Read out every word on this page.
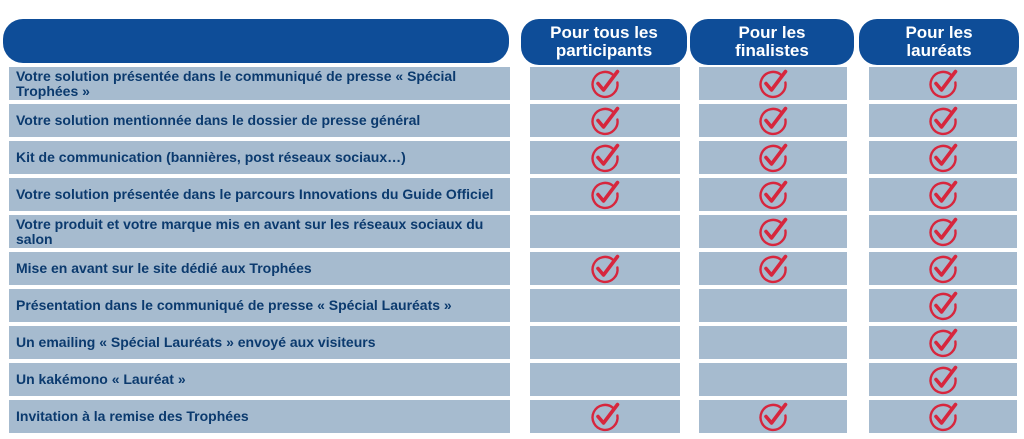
Pour tous les
participants
Pour les
finalistes
Pour les
lauréats
Votre solution présentée dans le communiqué de presse « Spécial Trophées »
Votre solution mentionnée dans le dossier de presse général
Kit de communication (bannières, post réseaux sociaux…)
Votre solution présentée dans le parcours Innovations du Guide Officiel
Votre produit et votre marque mis en avant sur les réseaux sociaux du salon
Mise en avant sur le site dédié aux Trophées
Présentation dans le communiqué de presse « Spécial Lauréats »
Un emailing « Spécial Lauréats » envoyé aux visiteurs
Un kakémono « Lauréat »
Invitation à la remise des Trophées
